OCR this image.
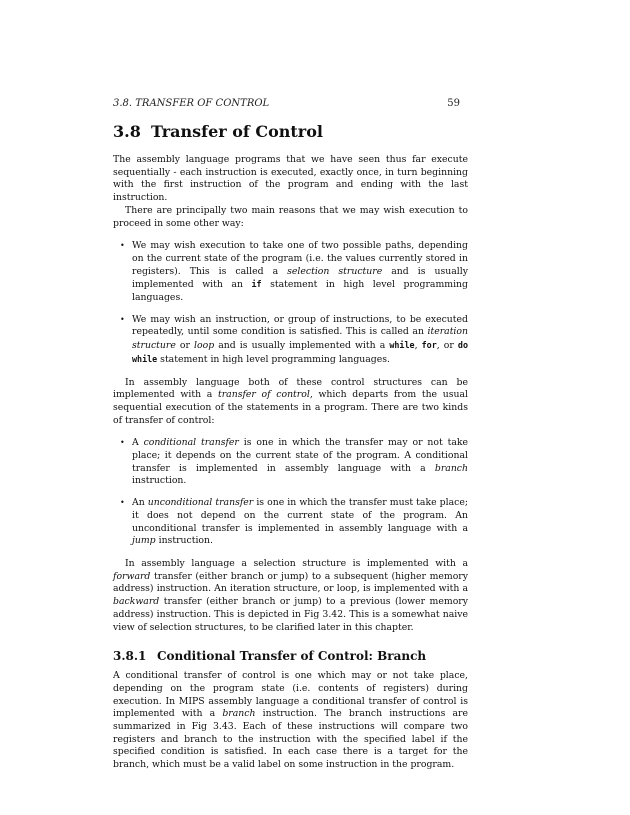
3.8. TRANSFER OF CONTROL	59
3.8 Transfer of Control

The assembly language programs that we have seen thus far execute sequentially - each instruction is executed, exactly once, in turn beginning with the first instruction of the program and ending with the last instruction.

There are principally two main reasons that we may wish execution to proceed in some other way:

• We may wish execution to take one of two possible paths, depending on the current state of the program (i.e. the values currently stored in registers). This is called a selection structure and is usually implemented with an if statement in high level programming languages.
• We may wish an instruction, or group of instructions, to be executed repeatedly, until some condition is satisfied. This is called an iteration structure or loop and is usually implemented with a while, for, or do while statement in high level programming languages.

In assembly language both of these control structures can be implemented with a transfer of control, which departs from the usual sequential execution of the statements in a program. There are two kinds of transfer of control:

• A conditional transfer is one in which the transfer may or not take place; it depends on the current state of the program. A conditional transfer is implemented in assembly language with a branch instruction.
• An unconditional transfer is one in which the transfer must take place; it does not depend on the current state of the program. An unconditional transfer is implemented in assembly language with a jump instruction.

In assembly language a selection structure is implemented with a forward transfer (either branch or jump) to a subsequent (higher memory address) instruction. An iteration structure, or loop, is implemented with a backward transfer (either branch or jump) to a previous (lower memory address) instruction. This is depicted in Fig 3.42. This is a somewhat naive view of selection structures, to be clarified later in this chapter.

3.8.1 Conditional Transfer of Control: Branch

A conditional transfer of control is one which may or not take place, depending on the program state (i.e. contents of registers) during execution. In MIPS assembly language a conditional transfer of control is implemented with a branch instruction. The branch instructions are summarized in Fig 3.43. Each of these instructions will compare two registers and branch to the instruction with the specified label if the specified condition is satisfied. In each case there is a target for the branch, which must be a valid label on some instruction in the program.
